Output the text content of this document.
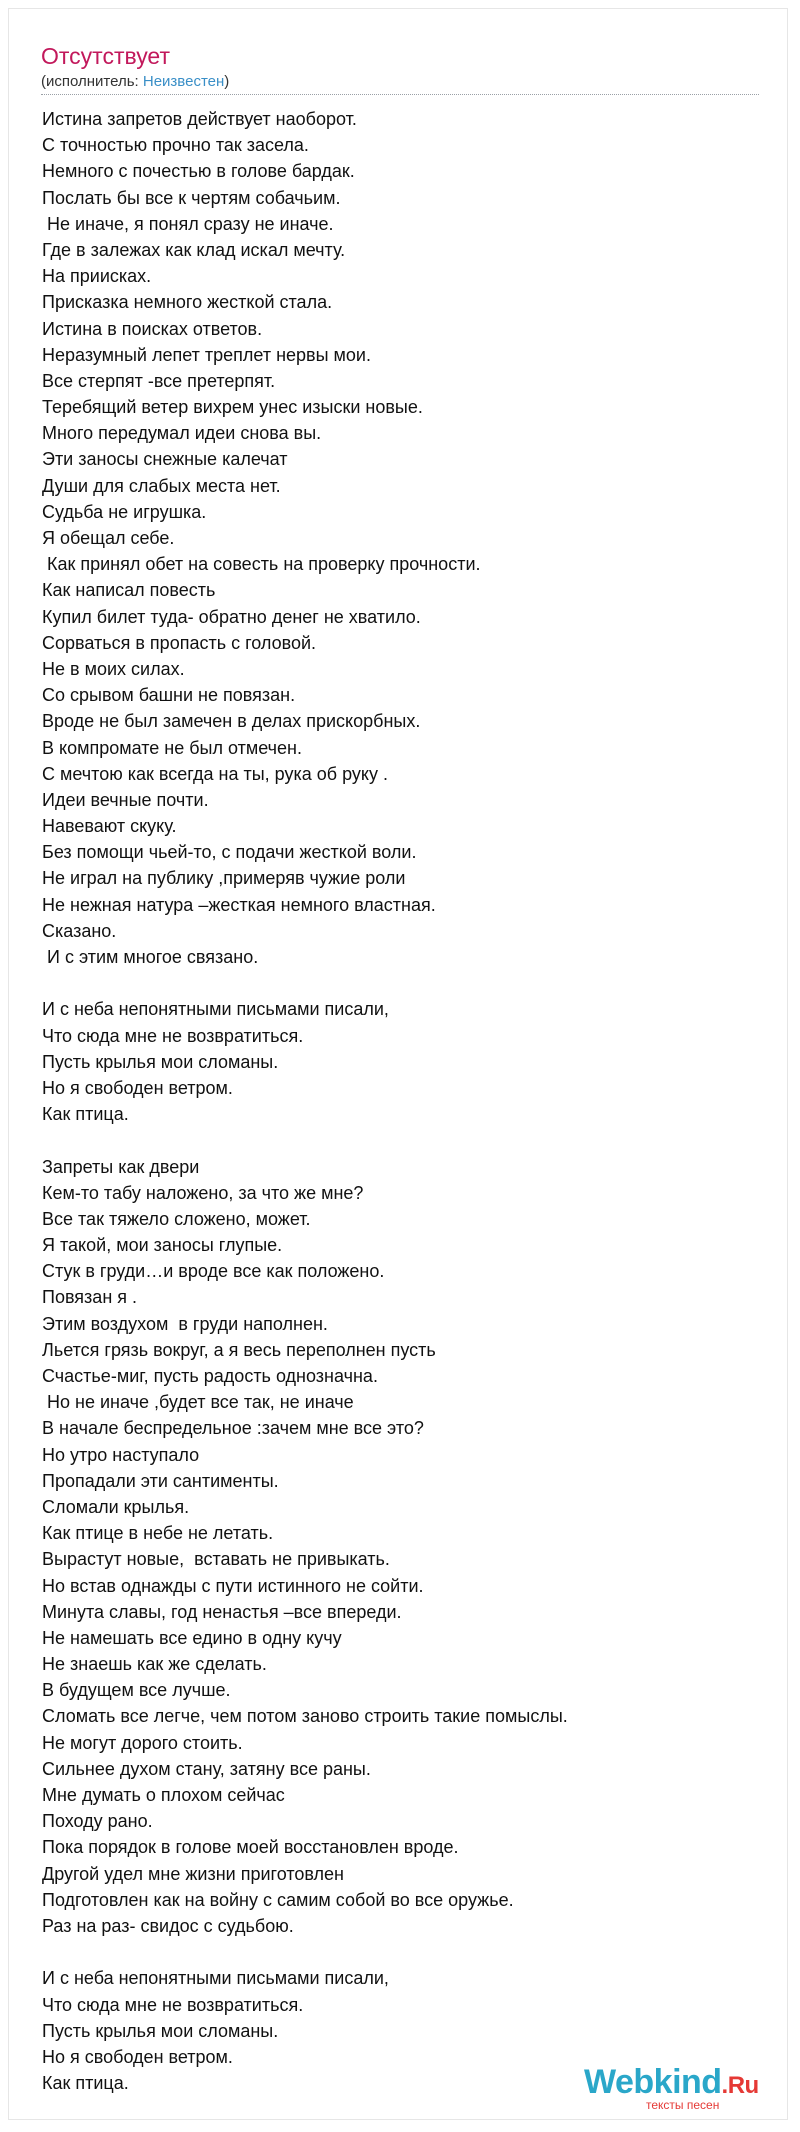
Отсутствует
(исполнитель: Неизвестен)
Истина запретов действует наоборот.
С точностью прочно так засела.
Немного с почестью в голове бардак.
Послать бы все к чертям собачьим.
Не иначе, я понял сразу не иначе.
Где в залежах как клад искал мечту.
На приисках.
Присказка немного жесткой стала.
Истина в поисках ответов.
Неразумный лепет треплет нервы мои.
Все стерпят -все претерпят.
Теребящий ветер вихрем унес изыски новые.
Много передумал идеи снова вы.
Эти заносы снежные калечат
Души для слабых места нет.
Судьба не игрушка.
Я обещал себе.
Как принял обет на совесть на проверку прочности.
Как написал повесть
Купил билет туда- обратно денег не хватило.
Сорваться в пропасть с головой.
Не в моих силах.
Со срывом башни не повязан.
Вроде не был замечен в делах прискорбных.
В компромате не был отмечен.
С мечтою как всегда на ты, рука об руку .
Идеи вечные почти.
Навевают скуку.
Без помощи чьей-то, с подачи жесткой воли.
Не играл на публику ,примеряв чужие роли
Не нежная натура –жесткая немного властная.
Сказано.
И с этим многое связано.
И с неба непонятными письмами писали,
Что сюда мне не возвратиться.
Пусть крылья мои сломаны.
Но я свободен ветром.
Как птица.
Запреты как двери
Кем-то табу наложено, за что же мне?
Все так тяжело сложено, может.
Я такой, мои заносы глупые.
Стук в груди…и вроде все как положено.
Повязан я .
Этим воздухом  в груди наполнен.
Льется грязь вокруг, а я весь переполнен пусть
Счастье-миг, пусть радость однозначна.
Но не иначе ,будет все так, не иначе
В начале беспредельное :зачем мне все это?
Но утро наступало
Пропадали эти сантименты.
Сломали крылья.
Как птице в небе не летать.
Вырастут новые,  вставать не привыкать.
Но встав однажды с пути истинного не сойти.
Минута славы, год ненастья –все впереди.
Не намешать все едино в одну кучу
Не знаешь как же сделать.
В будущем все лучше.
Сломать все легче, чем потом заново строить такие помыслы.
Не могут дорого стоить.
Сильнее духом стану, затяну все раны.
Мне думать о плохом сейчас
Походу рано.
Пока порядок в голове моей восстановлен вроде.
Другой удел мне жизни приготовлен
Подготовлен как на войну с самим собой во все оружье.
Раз на раз- свидос с судьбою.
И с неба непонятными письмами писали,
Что сюда мне не возвратиться.
Пусть крылья мои сломаны.
Но я свободен ветром.
Как птица.	Webkind.Ru
тексты песен
